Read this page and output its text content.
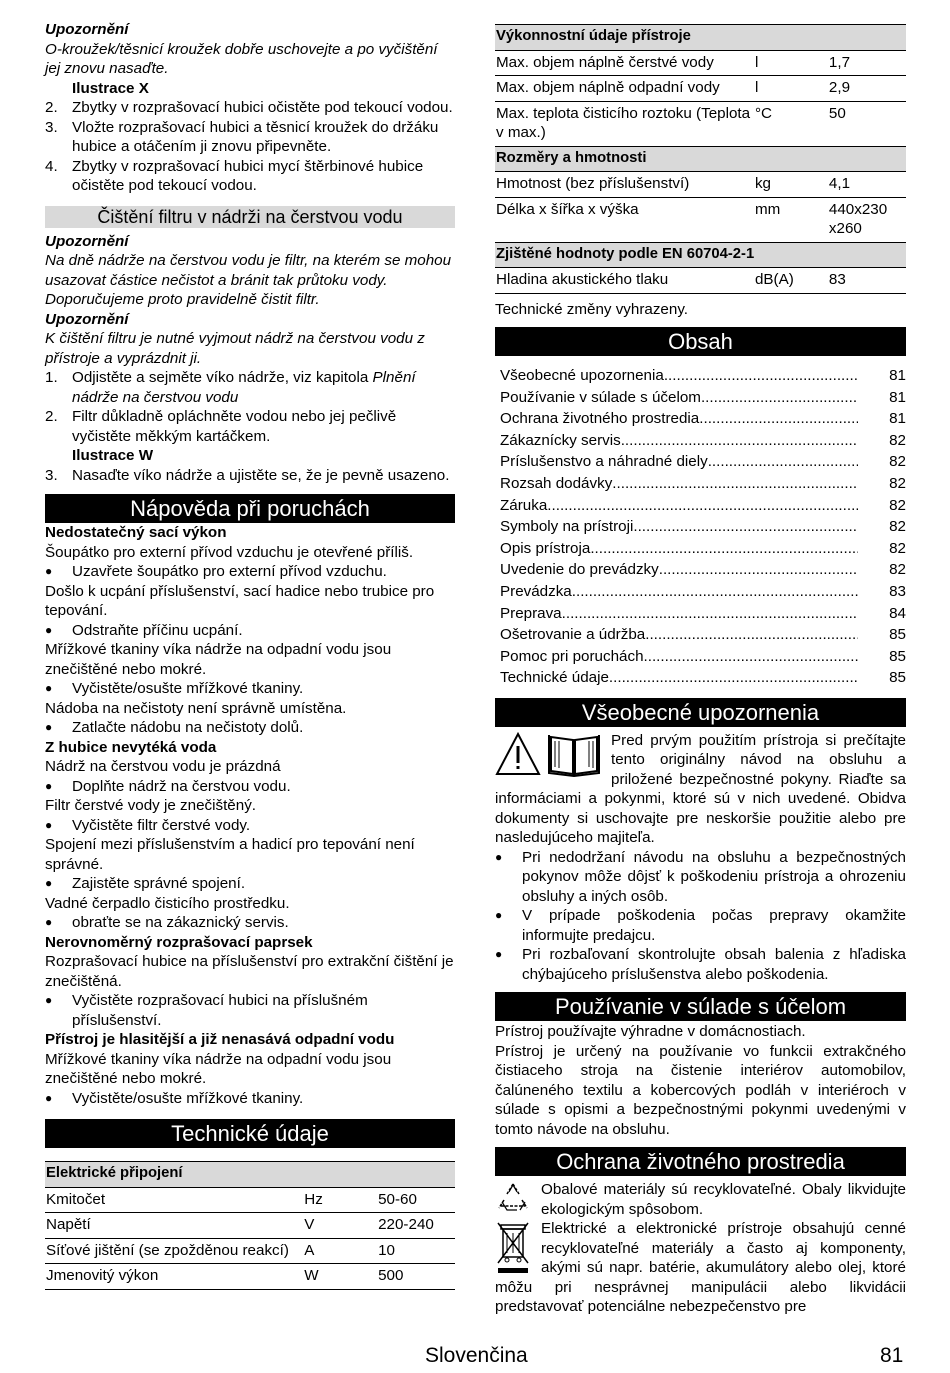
Upozornění
O-kroužek/těsnicí kroužek dobře uschovejte a po vyčištění jej znovu nasaďte.
Ilustrace X
2. Zbytky v rozprašovací hubici očistěte pod tekoucí vodou.
3. Vložte rozprašovací hubici a těsnicí kroužek do držáku hubice a otáčením ji znovu připevněte.
4. Zbytky v rozprašovací hubici mycí štěrbinové hubice očistěte pod tekoucí vodou.
Čištění filtru v nádrži na čerstvou vodu
Upozornění
Na dně nádrže na čerstvou vodu je filtr, na kterém se mohou usazovat částice nečistot a bránit tak průtoku vody. Doporučujeme proto pravidelně čistit filtr.
Upozornění
K čištění filtru je nutné vyjmout nádrž na čerstvou vodu z přístroje a vyprázdnit ji.
1. Odjistěte a sejměte víko nádrže, viz kapitola Plnění nádrže na čerstvou vodu
2. Filtr důkladně opláchněte vodou nebo jej pečlivě vyčistěte měkkým kartáčkem.
Ilustrace W
3. Nasaďte víko nádrže a ujistěte se, že je pevně usazeno.
Nápověda při poruchách
Nedostatečný sací výkon
Šoupátko pro externí přívod vzduchu je otevřené příliš.
●	Uzavřete šoupátko pro externí přívod vzduchu.
Došlo k ucpání příslušenství, sací hadice nebo trubice pro tepování.
●	Odstraňte příčinu ucpání.
Mřížkové tkaniny víka nádrže na odpadní vodu jsou znečištěné nebo mokré.
●	Vyčistěte/osušte mřížkové tkaniny.
Nádoba na nečistoty není správně umístěna.
●	Zatlačte nádobu na nečistoty dolů.
Z hubice nevytéká voda
Nádrž na čerstvou vodu je prázdná
●	Doplňte nádrž na čerstvou vodu.
Filtr čerstvé vody je znečištěný.
●	Vyčistěte filtr čerstvé vody.
Spojení mezi příslušenstvím a hadicí pro tepování není správné.
●	Zajistěte správné spojení.
Vadné čerpadlo čisticího prostředku.
●	obraťte se na zákaznický servis.
Nerovnoměrný rozprašovací paprsek
Rozprašovací hubice na příslušenství pro extrakční čištění je znečištěná.
●	Vyčistěte rozprašovací hubici na příslušném příslušenství.
Přístroj je hlasitější a již nenasává odpadní vodu
Mřížkové tkaniny víka nádrže na odpadní vodu jsou znečištěné nebo mokré.
●	Vyčistěte/osušte mřížkové tkaniny.
Technické údaje
Elektrické připojení		
Kmitočet	Hz	50-60
Napětí	V	220-240
Síťové jištění (se zpožděnou reakcí)	A	10
Jmenovitý výkon	W	500
Výkonnostní údaje přístroje		
Max. objem náplně čerstvé vody	l	1,7
Max. objem náplně odpadní vody	l	2,9
Max. teplota čisticího roztoku (Teplota v max.)	°C	50
Rozměry a hmotnosti		
Hmotnost (bez příslušenství)	kg	4,1
Délka x šířka x výška	mm	440x230 x260
Zjištěné hodnoty podle EN 60704-2-1		
Hladina akustického tlaku	dB(A)	83
Technické změny vyhrazeny.
Obsah
Všeobecné upozornenia .....	81
Používanie v súlade s účelom .....	81
Ochrana životného prostredia .....	81
Zákaznícky servis .....	82
Príslušenstvo a náhradné diely .....	82
Rozsah dodávky .....	82
Záruka .....	82
Symboly na prístroji .....	82
Opis prístroja .....	82
Uvedenie do prevádzky .....	82
Prevádzka .....	83
Preprava .....	84
Ošetrovanie a údržba .....	85
Pomoc pri poruchách .....	85
Technické údaje .....	85
Všeobecné upozornenia
Pred prvým použitím prístroja si prečítajte tento originálny návod na obsluhu a priložené bezpečnostné pokyny. Riaďte sa informáciami a pokynmi, ktoré sú v nich uvedené. Obidva dokumenty si uschovajte pre neskoršie použitie alebo pre nasledujúceho majiteľa.
●	Pri nedodržaní návodu na obsluhu a bezpečnostných pokynov môže dôjsť k poškodeniu prístroja a ohrozeniu obsluhy a iných osôb.
●	V prípade poškodenia počas prepravy okamžite informujte predajcu.
●	Pri rozbaľovaní skontrolujte obsah balenia z hľadiska chýbajúceho príslušenstva alebo poškodenia.
Používanie v súlade s účelom
Prístroj používajte výhradne v domácnostiach.
Prístroj je určený na používanie vo funkcii extrakčného čistiaceho stroja na čistenie interiérov automobilov, čalúneného textilu a kobercových podláh v interiéroch v súlade s opismi a bezpečnostnými pokynmi uvedenými v tomto návode na obsluhu.
Ochrana životného prostredia
Obalové materiály sú recyklovateľné. Obaly likvidujte ekologickým spôsobom.
Elektrické a elektronické prístroje obsahujú cenné recyklovateľné materiály a často aj komponenty, akými sú napr. batérie, akumulátory alebo olej, ktoré môžu pri nesprávnej manipulácii alebo likvidácii predstavovať potenciálne nebezpečenstvo pre
Slovenčina	81
